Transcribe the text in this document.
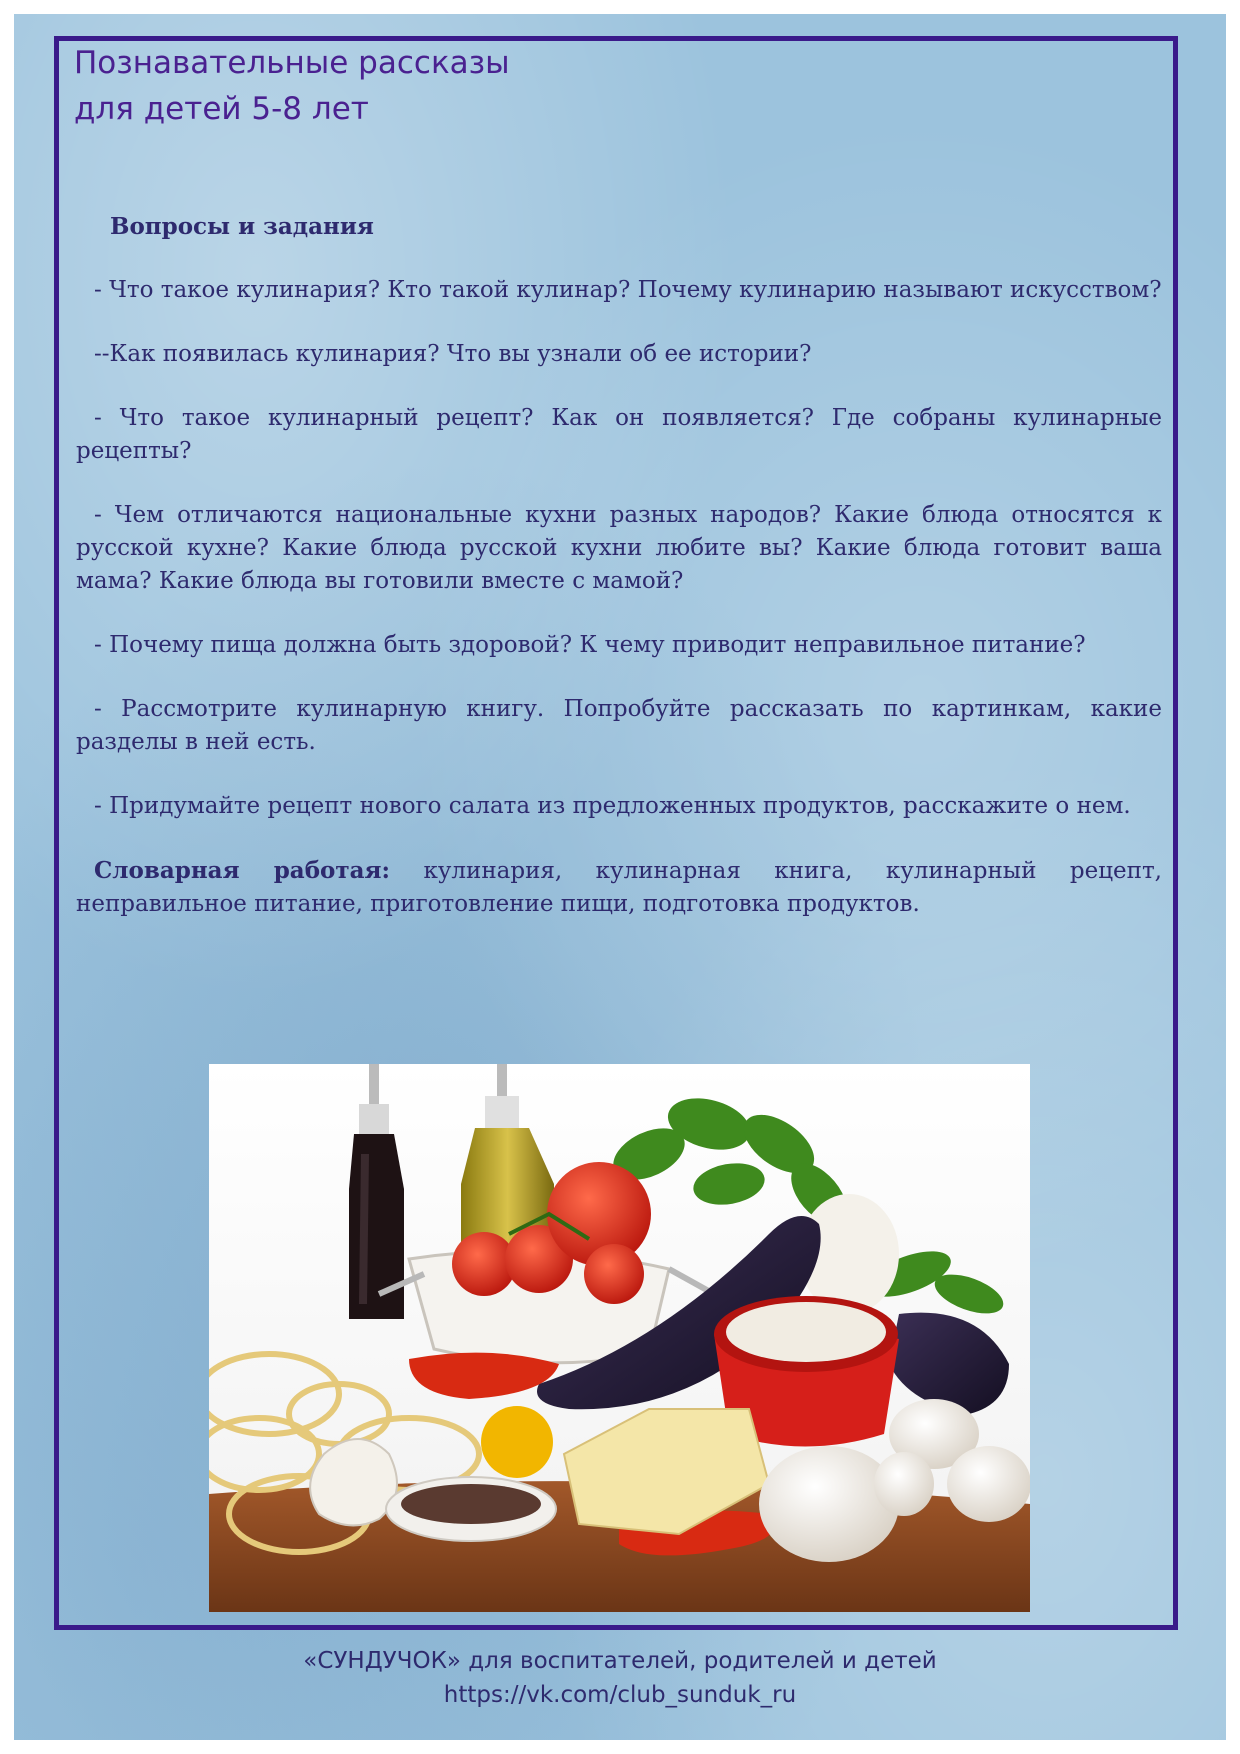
Познавательные рассказы
для детей 5-8 лет

Вопросы и задания

- Что такое кулинария? Кто такой кулинар? Почему кулинарию называют искусством?

--Как появилась кулинария? Что вы узнали об ее истории?

- Что такое кулинарный рецепт? Как он появляется? Где собраны кулинарные рецепты?

- Чем отличаются национальные кухни разных народов? Какие блюда относятся к русской кухне? Какие блюда русской кухни любите вы? Какие блюда готовит ваша мама? Какие блюда вы готовили вместе с мамой?

- Почему пища должна быть здоровой? К чему приводит неправильное питание?

- Рассмотрите кулинарную книгу. Попробуйте рассказать по картинкам, какие разделы в ней есть.

- Придумайте рецепт нового салата из предложенных продуктов, расскажите о нем.

Словарная работая: кулинария, кулинарная книга, кулинарный рецепт, неправильное питание, приготовление пищи, подготовка продуктов.

«СУНДУЧОК» для воспитателей, родителей и детей
https://vk.com/club_sunduk_ru
